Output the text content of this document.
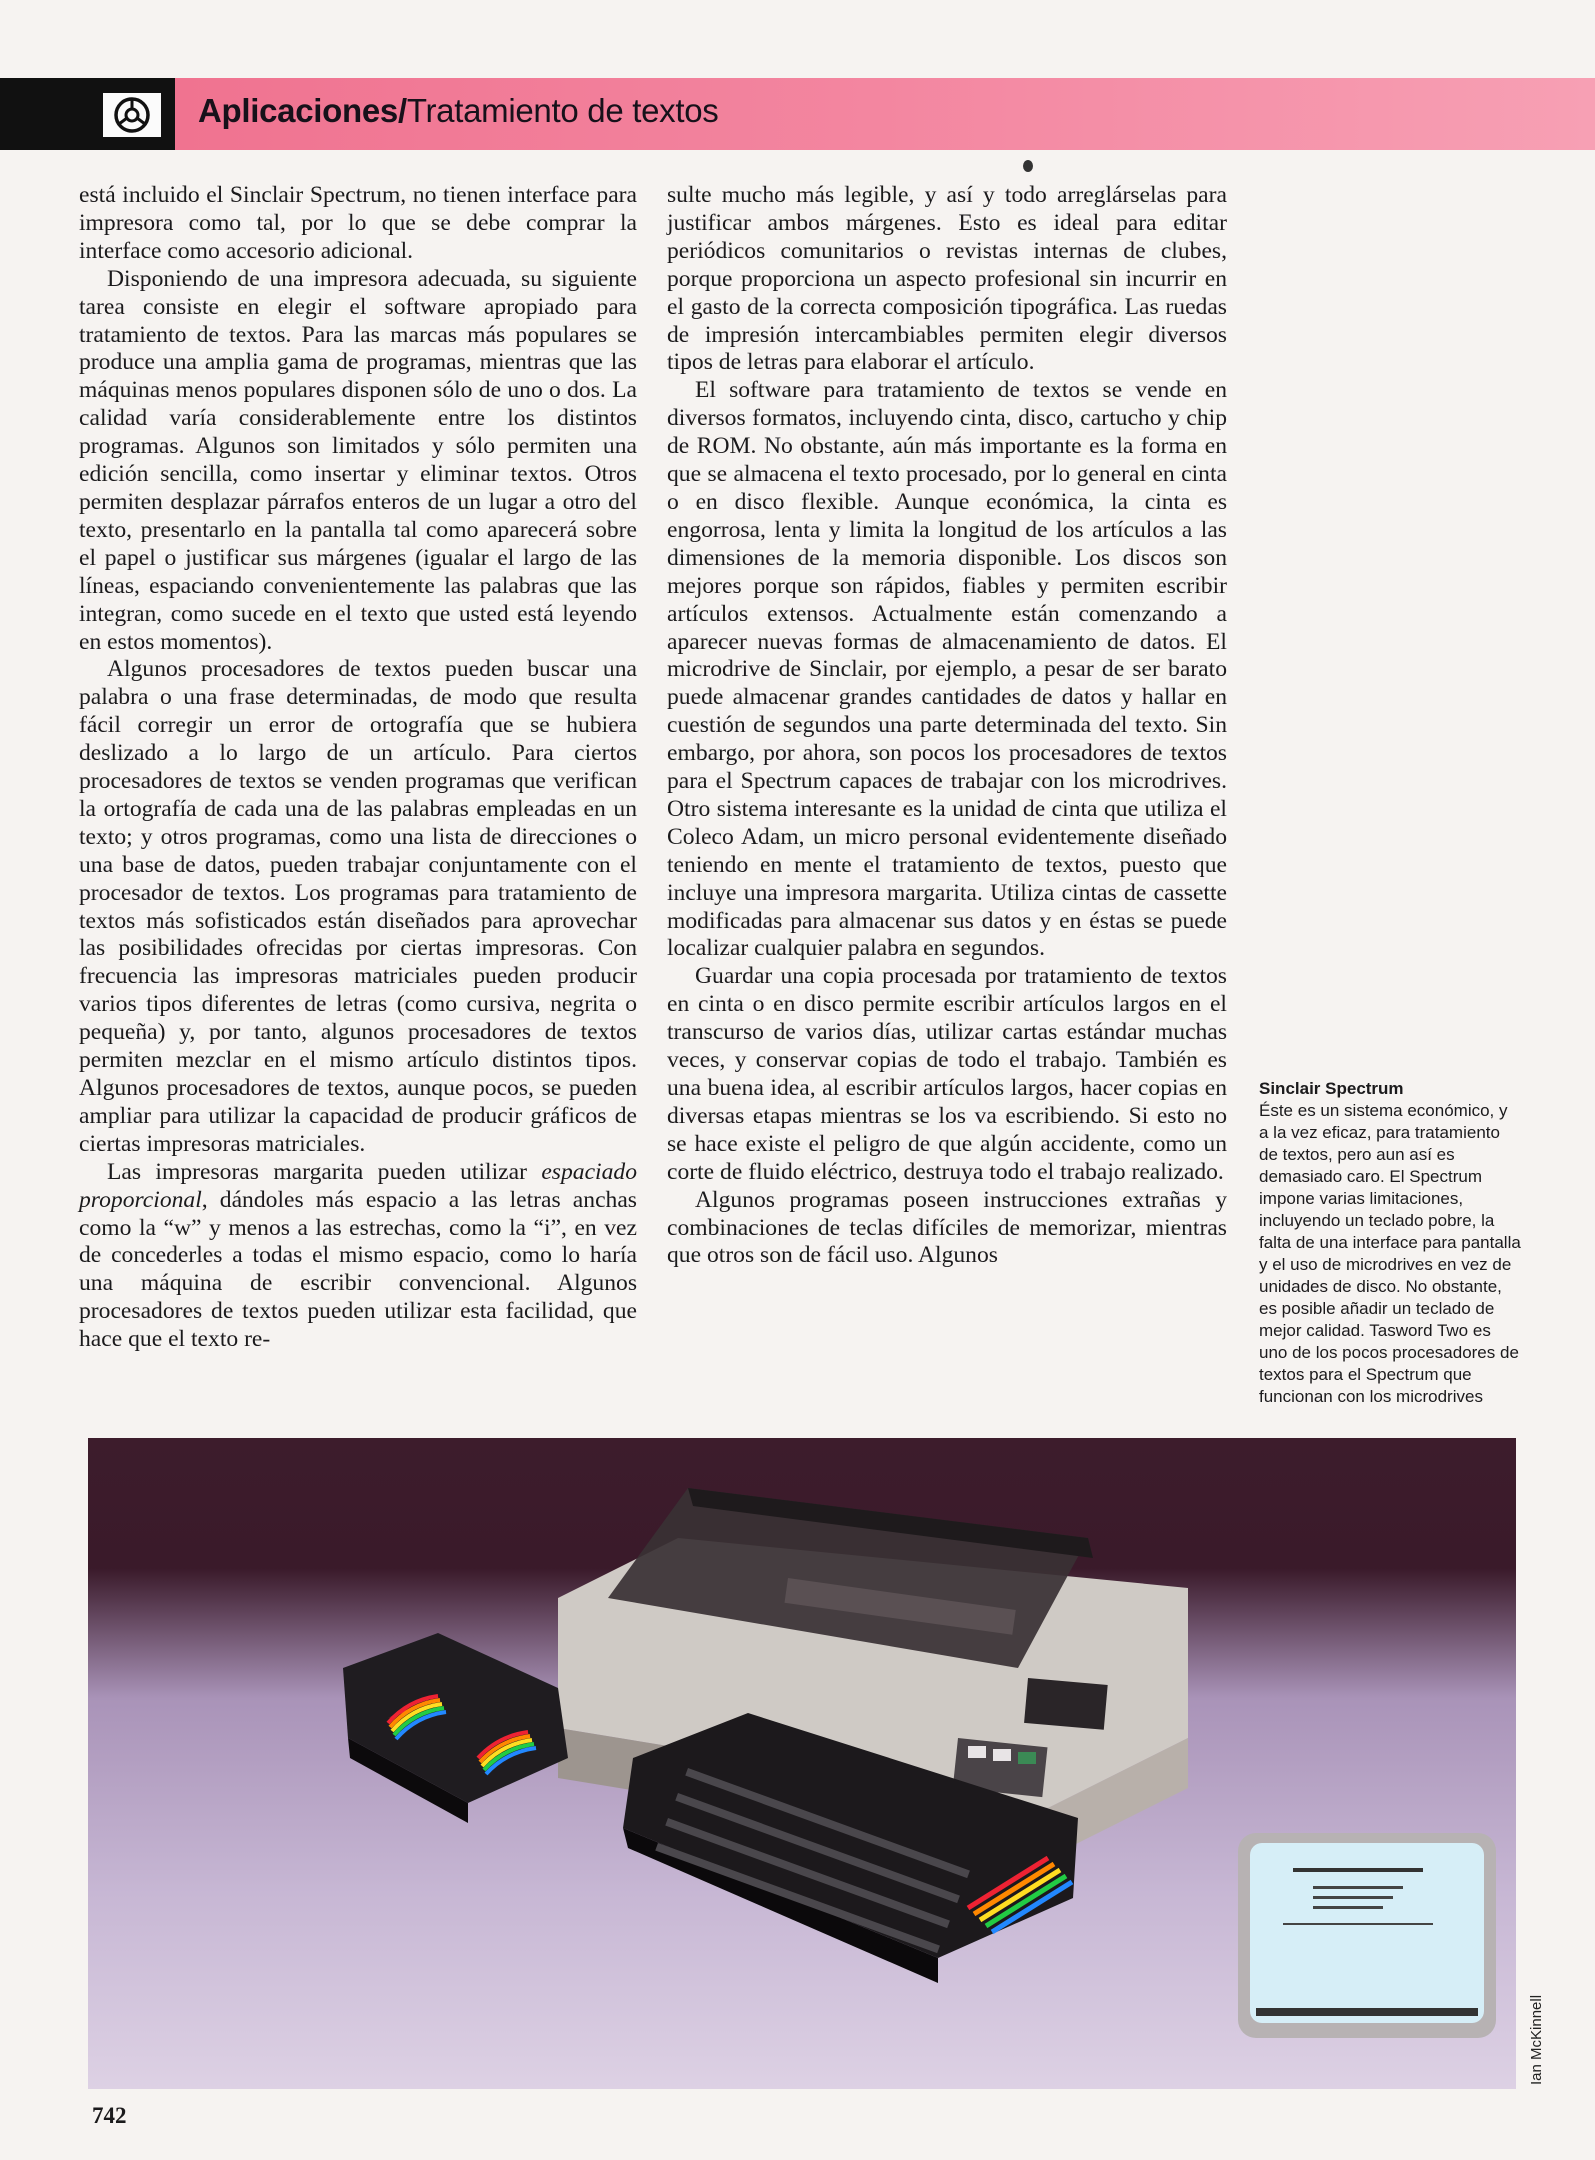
Aplicaciones/Tratamiento de textos

está incluido el Sinclair Spectrum, no tienen interface para impresora como tal, por lo que se debe comprar la interface como accesorio adicional.

Disponiendo de una impresora adecuada, su siguiente tarea consiste en elegir el software apropiado para tratamiento de textos. Para las marcas más populares se produce una amplia gama de programas, mientras que las máquinas menos populares disponen sólo de uno o dos. La calidad varía considerablemente entre los distintos programas. Algunos son limitados y sólo permiten una edición sencilla, como insertar y eliminar textos. Otros permiten desplazar párrafos enteros de un lugar a otro del texto, presentarlo en la pantalla tal como aparecerá sobre el papel o justificar sus márgenes (igualar el largo de las líneas, espaciando convenientemente las palabras que las integran, como sucede en el texto que usted está leyendo en estos momentos).

Algunos procesadores de textos pueden buscar una palabra o una frase determinadas, de modo que resulta fácil corregir un error de ortografía que se hubiera deslizado a lo largo de un artículo. Para ciertos procesadores de textos se venden programas que verifican la ortografía de cada una de las palabras empleadas en un texto; y otros programas, como una lista de direcciones o una base de datos, pueden trabajar conjuntamente con el procesador de textos. Los programas para tratamiento de textos más sofisticados están diseñados para aprovechar las posibilidades ofrecidas por ciertas impresoras. Con frecuencia las impresoras matriciales pueden producir varios tipos diferentes de letras (como cursiva, negrita o pequeña) y, por tanto, algunos procesadores de textos permiten mezclar en el mismo artículo distintos tipos. Algunos procesadores de textos, aunque pocos, se pueden ampliar para utilizar la capacidad de producir gráficos de ciertas impresoras matriciales.

Las impresoras margarita pueden utilizar espaciado proporcional, dándoles más espacio a las letras anchas como la “w” y menos a las estrechas, como la “i”, en vez de concederles a todas el mismo espacio, como lo haría una máquina de escribir convencional. Algunos procesadores de textos pueden utilizar esta facilidad, que hace que el texto re-

sulte mucho más legible, y así y todo arreglárselas para justificar ambos márgenes. Esto es ideal para editar periódicos comunitarios o revistas internas de clubes, porque proporciona un aspecto profesional sin incurrir en el gasto de la correcta composición tipográfica. Las ruedas de impresión intercambiables permiten elegir diversos tipos de letras para elaborar el artículo.

El software para tratamiento de textos se vende en diversos formatos, incluyendo cinta, disco, cartucho y chip de ROM. No obstante, aún más importante es la forma en que se almacena el texto procesado, por lo general en cinta o en disco flexible. Aunque económica, la cinta es engorrosa, lenta y limita la longitud de los artículos a las dimensiones de la memoria disponible. Los discos son mejores porque son rápidos, fiables y permiten escribir artículos extensos. Actualmente están comenzando a aparecer nuevas formas de almacenamiento de datos. El microdrive de Sinclair, por ejemplo, a pesar de ser barato puede almacenar grandes cantidades de datos y hallar en cuestión de segundos una parte determinada del texto. Sin embargo, por ahora, son pocos los procesadores de textos para el Spectrum capaces de trabajar con los microdrives. Otro sistema interesante es la unidad de cinta que utiliza el Coleco Adam, un micro personal evidentemente diseñado teniendo en mente el tratamiento de textos, puesto que incluye una impresora margarita. Utiliza cintas de cassette modificadas para almacenar sus datos y en éstas se puede localizar cualquier palabra en segundos.

Guardar una copia procesada por tratamiento de textos en cinta o en disco permite escribir artículos largos en el transcurso de varios días, utilizar cartas estándar muchas veces, y conservar copias de todo el trabajo. También es una buena idea, al escribir artículos largos, hacer copias en diversas etapas mientras se los va escribiendo. Si esto no se hace existe el peligro de que algún accidente, como un corte de fluido eléctrico, destruya todo el trabajo realizado.

Algunos programas poseen instrucciones extrañas y combinaciones de teclas difíciles de memorizar, mientras que otros son de fácil uso. Algunos

Sinclair Spectrum
Éste es un sistema económico, y a la vez eficaz, para tratamiento de textos, pero aun así es demasiado caro. El Spectrum impone varias limitaciones, incluyendo un teclado pobre, la falta de una interface para pantalla y el uso de microdrives en vez de unidades de disco. No obstante, es posible añadir un teclado de mejor calidad. Tasword Two es uno de los pocos procesadores de textos para el Spectrum que funcionan con los microdrives
Ian McKinnell
742
